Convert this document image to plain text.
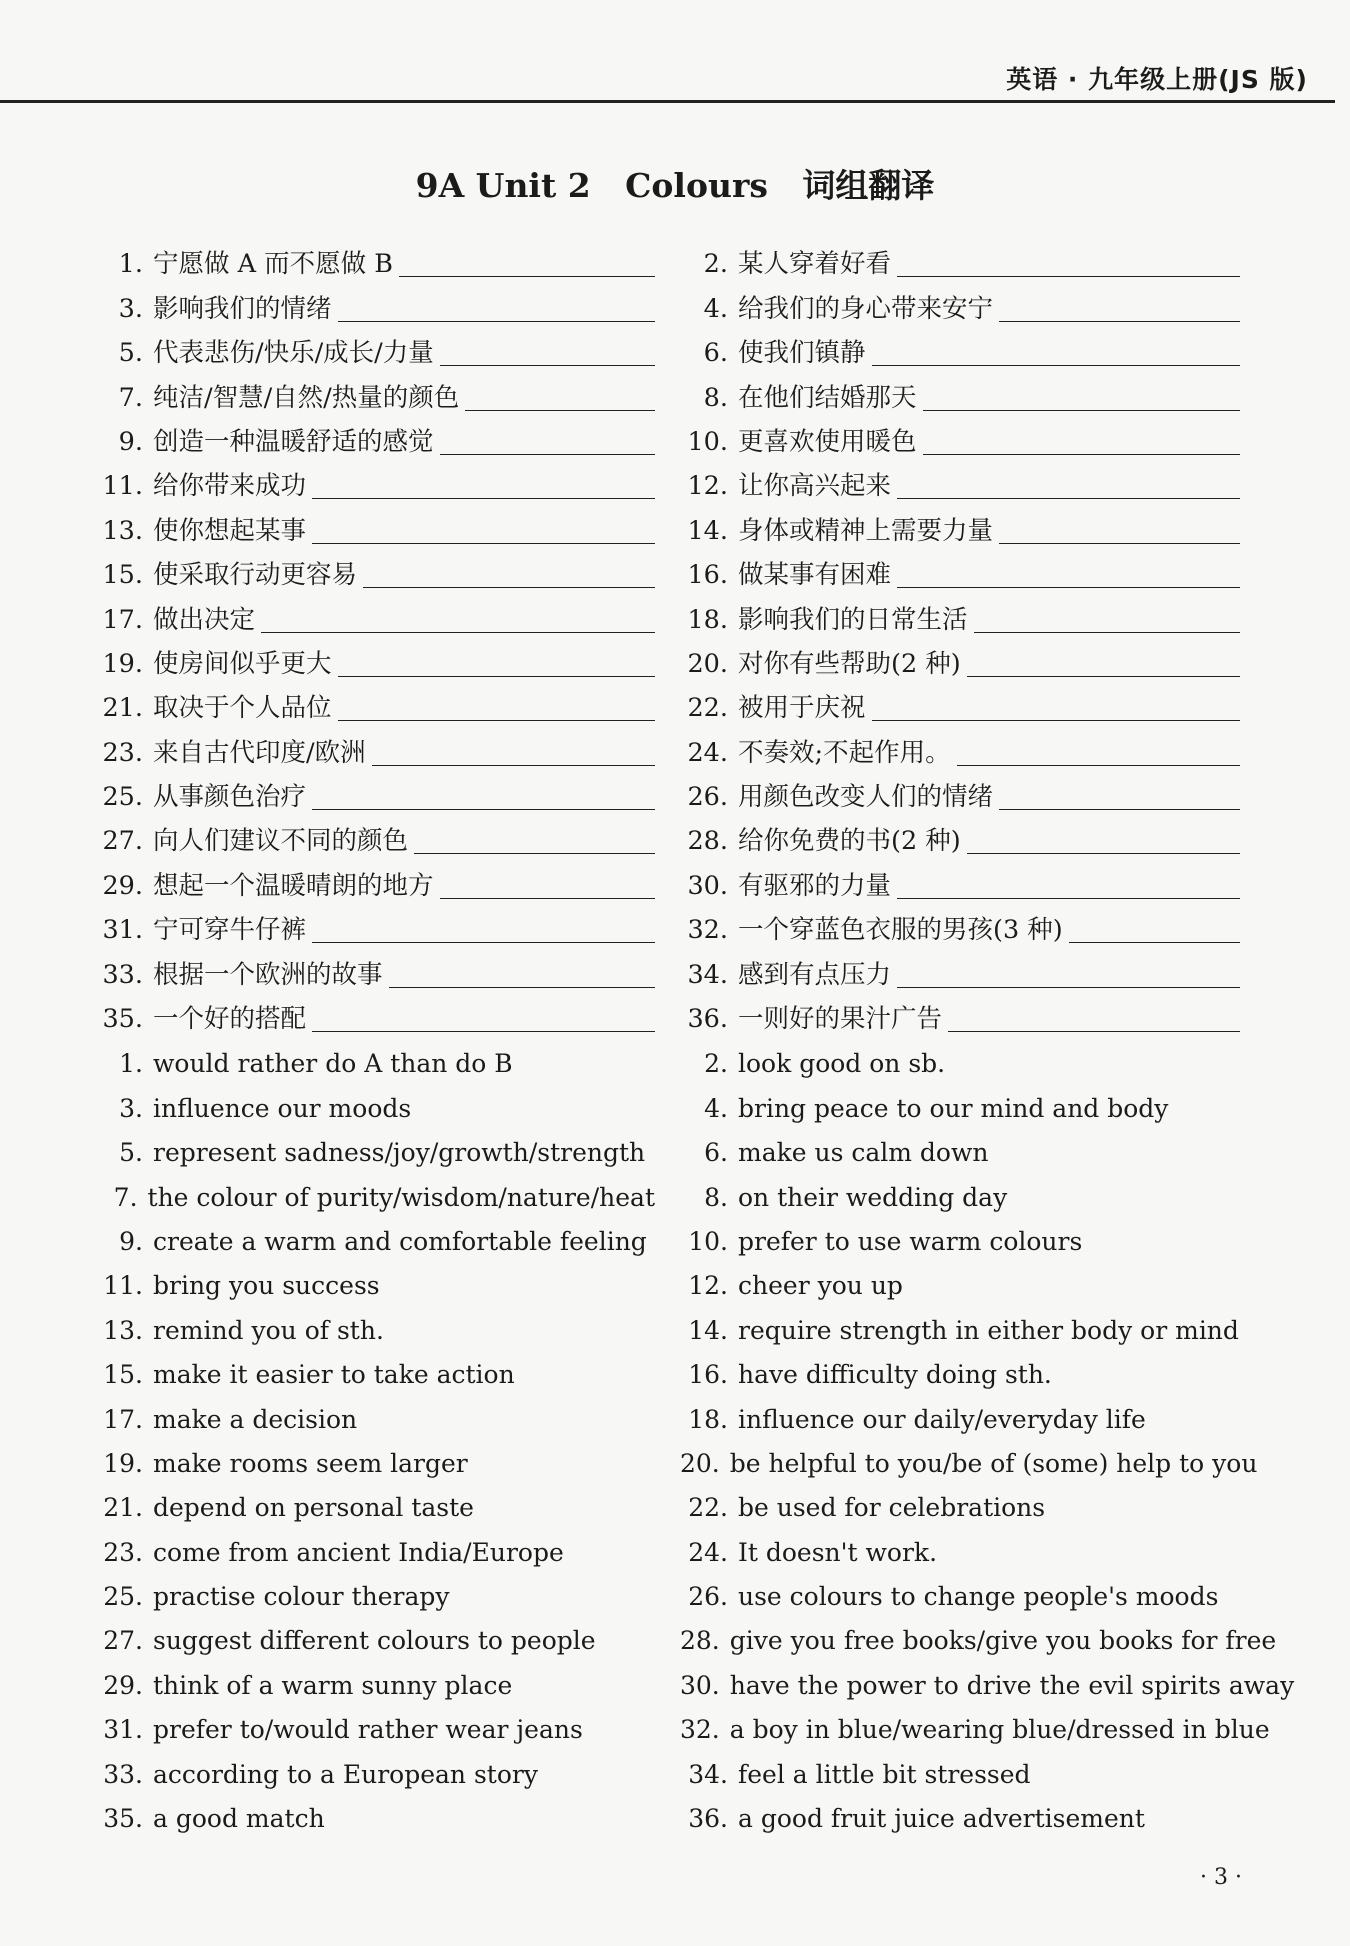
英语 · 九年级上册(JS 版)
9A Unit 2   Colours   词组翻译
1. 宁愿做 A 而不愿做 B
3. 影响我们的情绪
5. 代表悲伤/快乐/成长/力量
7. 纯洁/智慧/自然/热量的颜色
9. 创造一种温暖舒适的感觉
11. 给你带来成功
13. 使你想起某事
15. 使采取行动更容易
17. 做出决定
19. 使房间似乎更大
21. 取决于个人品位
23. 来自古代印度/欧洲
25. 从事颜色治疗
27. 向人们建议不同的颜色
29. 想起一个温暖晴朗的地方
31. 宁可穿牛仔裤
33. 根据一个欧洲的故事
35. 一个好的搭配
2. 某人穿着好看
4. 给我们的身心带来安宁
6. 使我们镇静
8. 在他们结婚那天
10. 更喜欢使用暖色
12. 让你高兴起来
14. 身体或精神上需要力量
16. 做某事有困难
18. 影响我们的日常生活
20. 对你有些帮助(2 种)
22. 被用于庆祝
24. 不奏效;不起作用。
26. 用颜色改变人们的情绪
28. 给你免费的书(2 种)
30. 有驱邪的力量
32. 一个穿蓝色衣服的男孩(3 种)
34. 感到有点压力
36. 一则好的果汁广告
1. would rather do A than do B
3. influence our moods
5. represent sadness/joy/growth/strength
7. the colour of purity/wisdom/nature/heat
9. create a warm and comfortable feeling
11. bring you success
13. remind you of sth.
15. make it easier to take action
17. make a decision
19. make rooms seem larger
21. depend on personal taste
23. come from ancient India/Europe
25. practise colour therapy
27. suggest different colours to people
29. think of a warm sunny place
31. prefer to/would rather wear jeans
33. according to a European story
35. a good match
2. look good on sb.
4. bring peace to our mind and body
6. make us calm down
8. on their wedding day
10. prefer to use warm colours
12. cheer you up
14. require strength in either body or mind
16. have difficulty doing sth.
18. influence our daily/everyday life
20. be helpful to you/be of (some) help to you
22. be used for celebrations
24. It doesn't work.
26. use colours to change people's moods
28. give you free books/give you books for free
30. have the power to drive the evil spirits away
32. a boy in blue/wearing blue/dressed in blue
34. feel a little bit stressed
36. a good fruit juice advertisement
· 3 ·
